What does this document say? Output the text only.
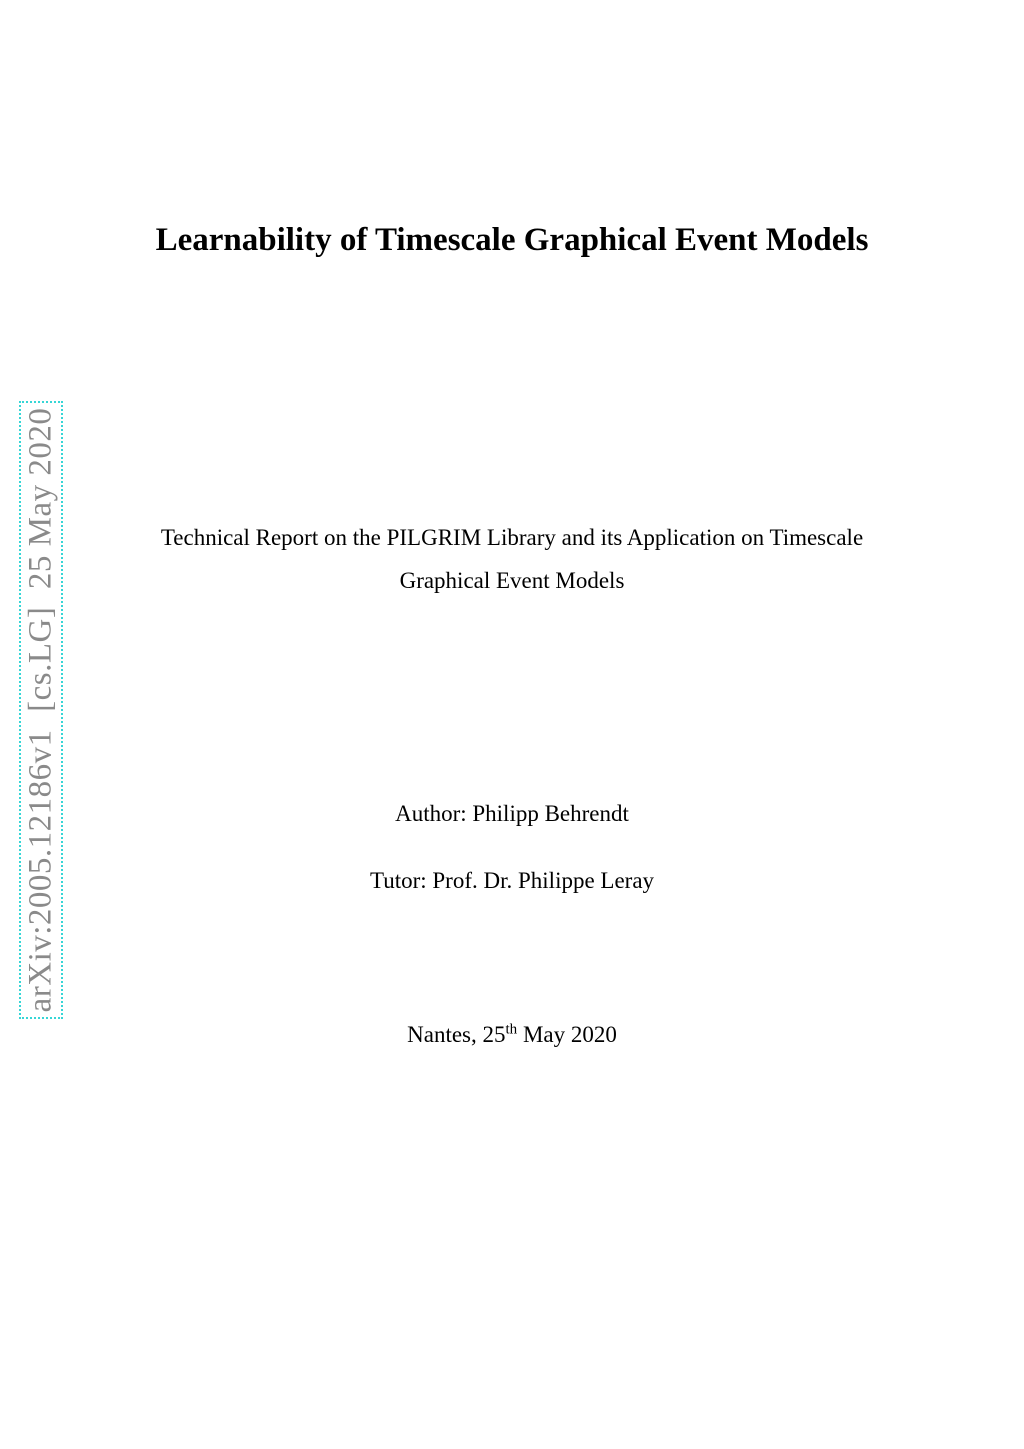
arXiv:2005.12186v1  [cs.LG]  25 May 2020
Learnability of Timescale Graphical Event Models

Technical Report on the PILGRIM Library and its Application on Timescale
Graphical Event Models

Author: Philipp Behrendt

Tutor: Prof. Dr. Philippe Leray

Nantes, 25th May 2020
